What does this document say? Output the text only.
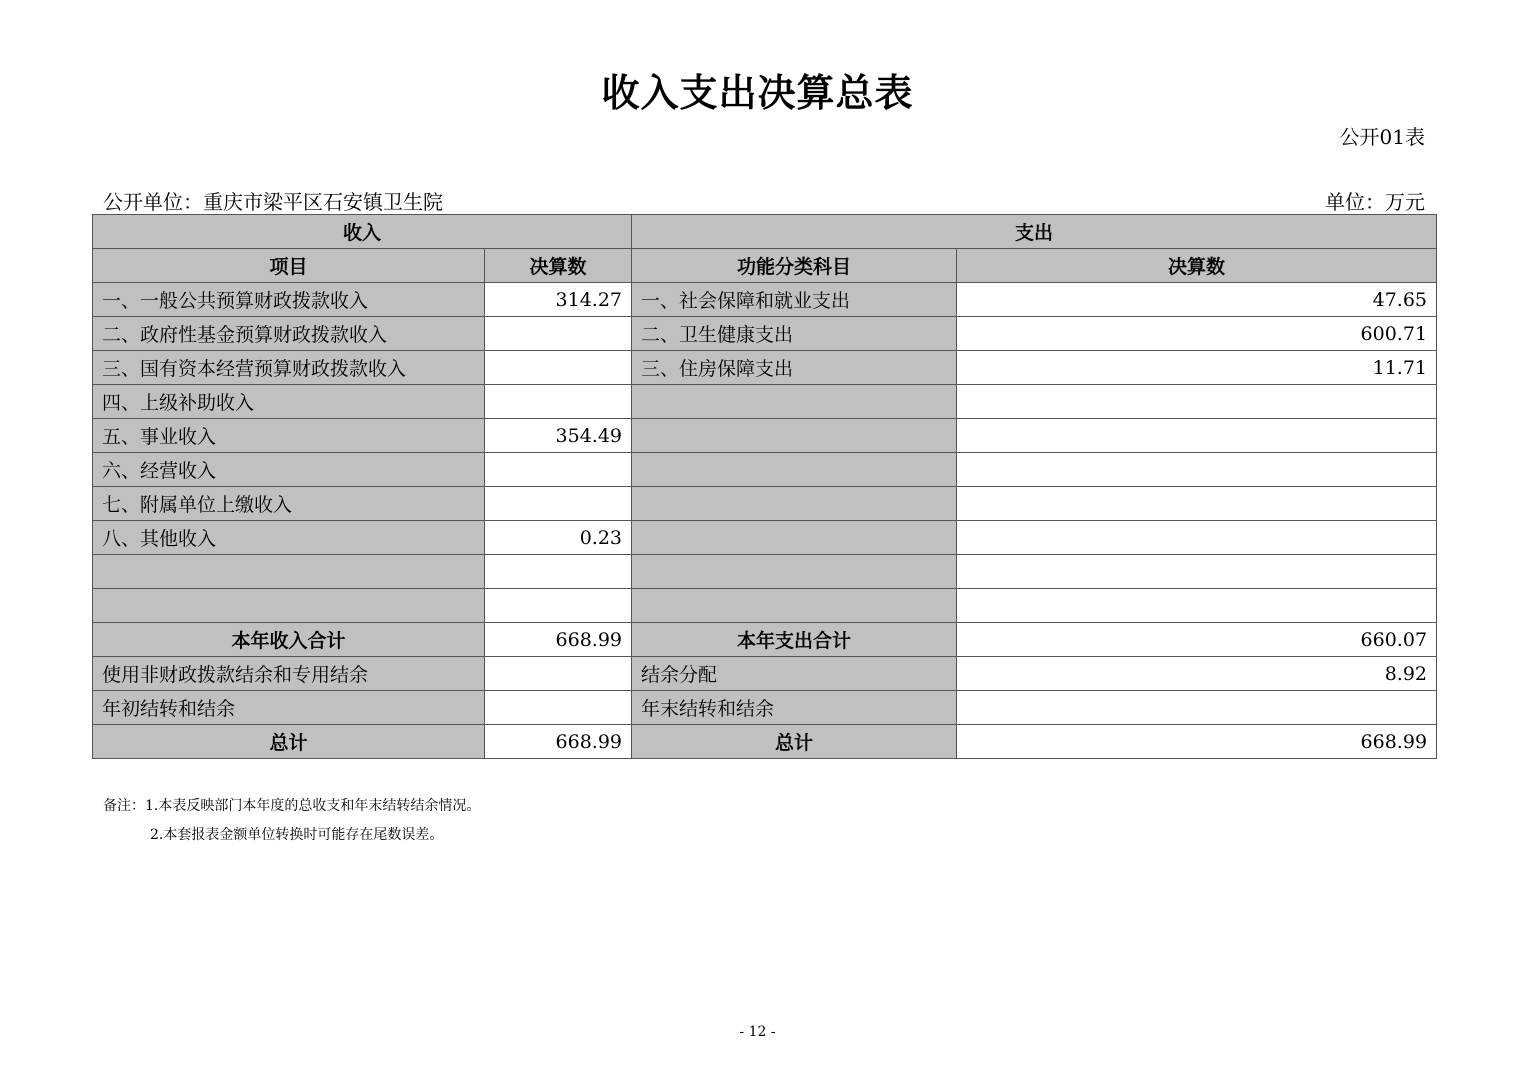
收入支出决算总表
公开01表
公开单位：重庆市梁平区石安镇卫生院	单位：万元
收入		支出	
项目	决算数	功能分类科目	决算数
一、一般公共预算财政拨款收入	314.27	一、社会保障和就业支出	47.65
二、政府性基金预算财政拨款收入		二、卫生健康支出	600.71
三、国有资本经营预算财政拨款收入		三、住房保障支出	11.71
四、上级补助收入			
五、事业收入	354.49		
六、经营收入			
七、附属单位上缴收入			
八、其他收入	0.23		

本年收入合计	668.99	本年支出合计	660.07
使用非财政拨款结余和专用结余		结余分配	8.92
年初结转和结余		年末结转和结余	
总计	668.99	总计	668.99
备注：1.本表反映部门本年度的总收支和年末结转结余情况。
2.本套报表金额单位转换时可能存在尾数误差。
- 12 -
